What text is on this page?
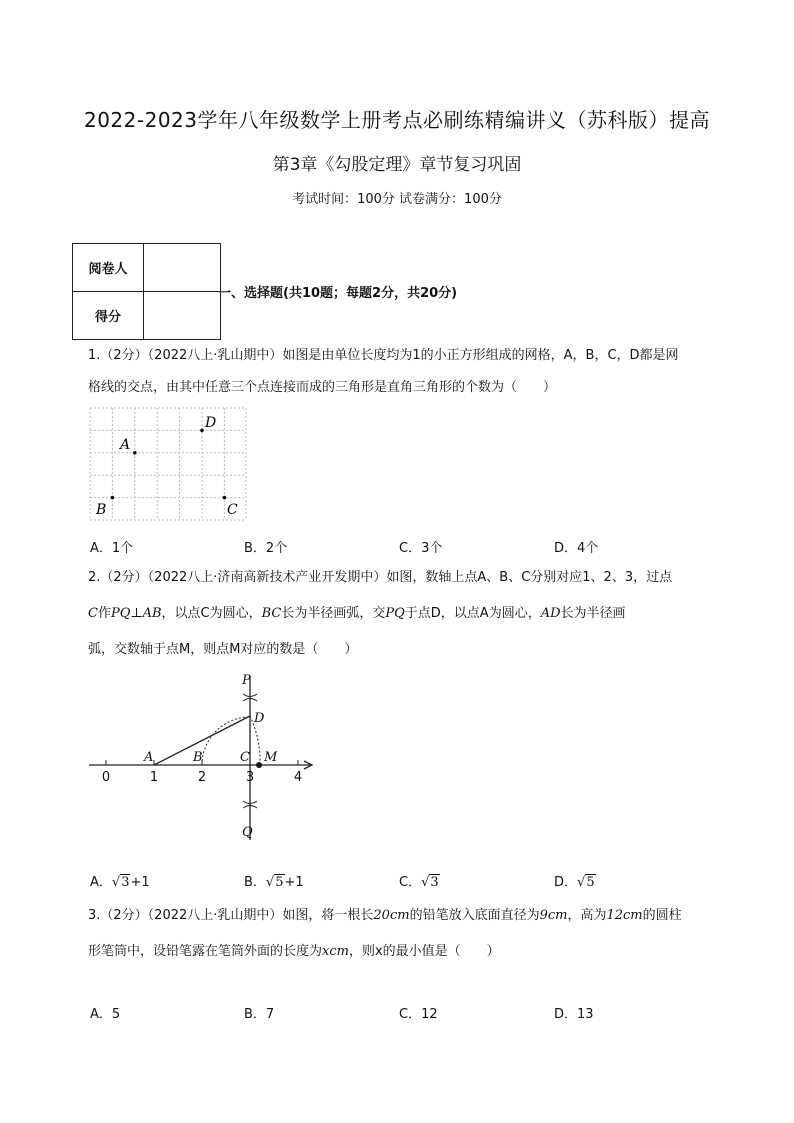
2022-2023学年八年级数学上册考点必刷练精编讲义（苏科版）提高
第3章《勾股定理》章节复习巩固
考试时间：100分 试卷满分：100分
阅卷人	
得分	
一、选择题(共10题；每题2分，共20分)
1.（2分）（2022八上·乳山期中）如图是由单位长度均为1的小正方形组成的网格，A，B，C，D都是网
格线的交点，由其中任意三个点连接而成的三角形是直角三角形的个数为（　　）
A
D
B	C
A．1个	B．2个	C．3个	D．4个
2.（2分）（2022八上·济南高新技术产业开发期中）如图，数轴上点A、B、C分别对应1、2、3，过点
C作PQ⊥AB，以点C为圆心，BC长为半径画弧，交PQ于点D，以点A为圆心，AD长为半径画
弧，交数轴于点M，则点M对应的数是（　　）
P
Q
D
A	B	C M
0	1	2	3	4
A．√3+1	B．√5+1	C．√3	D．√5
3.（2分）（2022八上·乳山期中）如图，将一根长20cm的铅笔放入底面直径为9cm，高为12cm的圆柱
形笔筒中，设铅笔露在笔筒外面的长度为xcm，则x的最小值是（　　）
A．5	B．7	C．12	D．13
